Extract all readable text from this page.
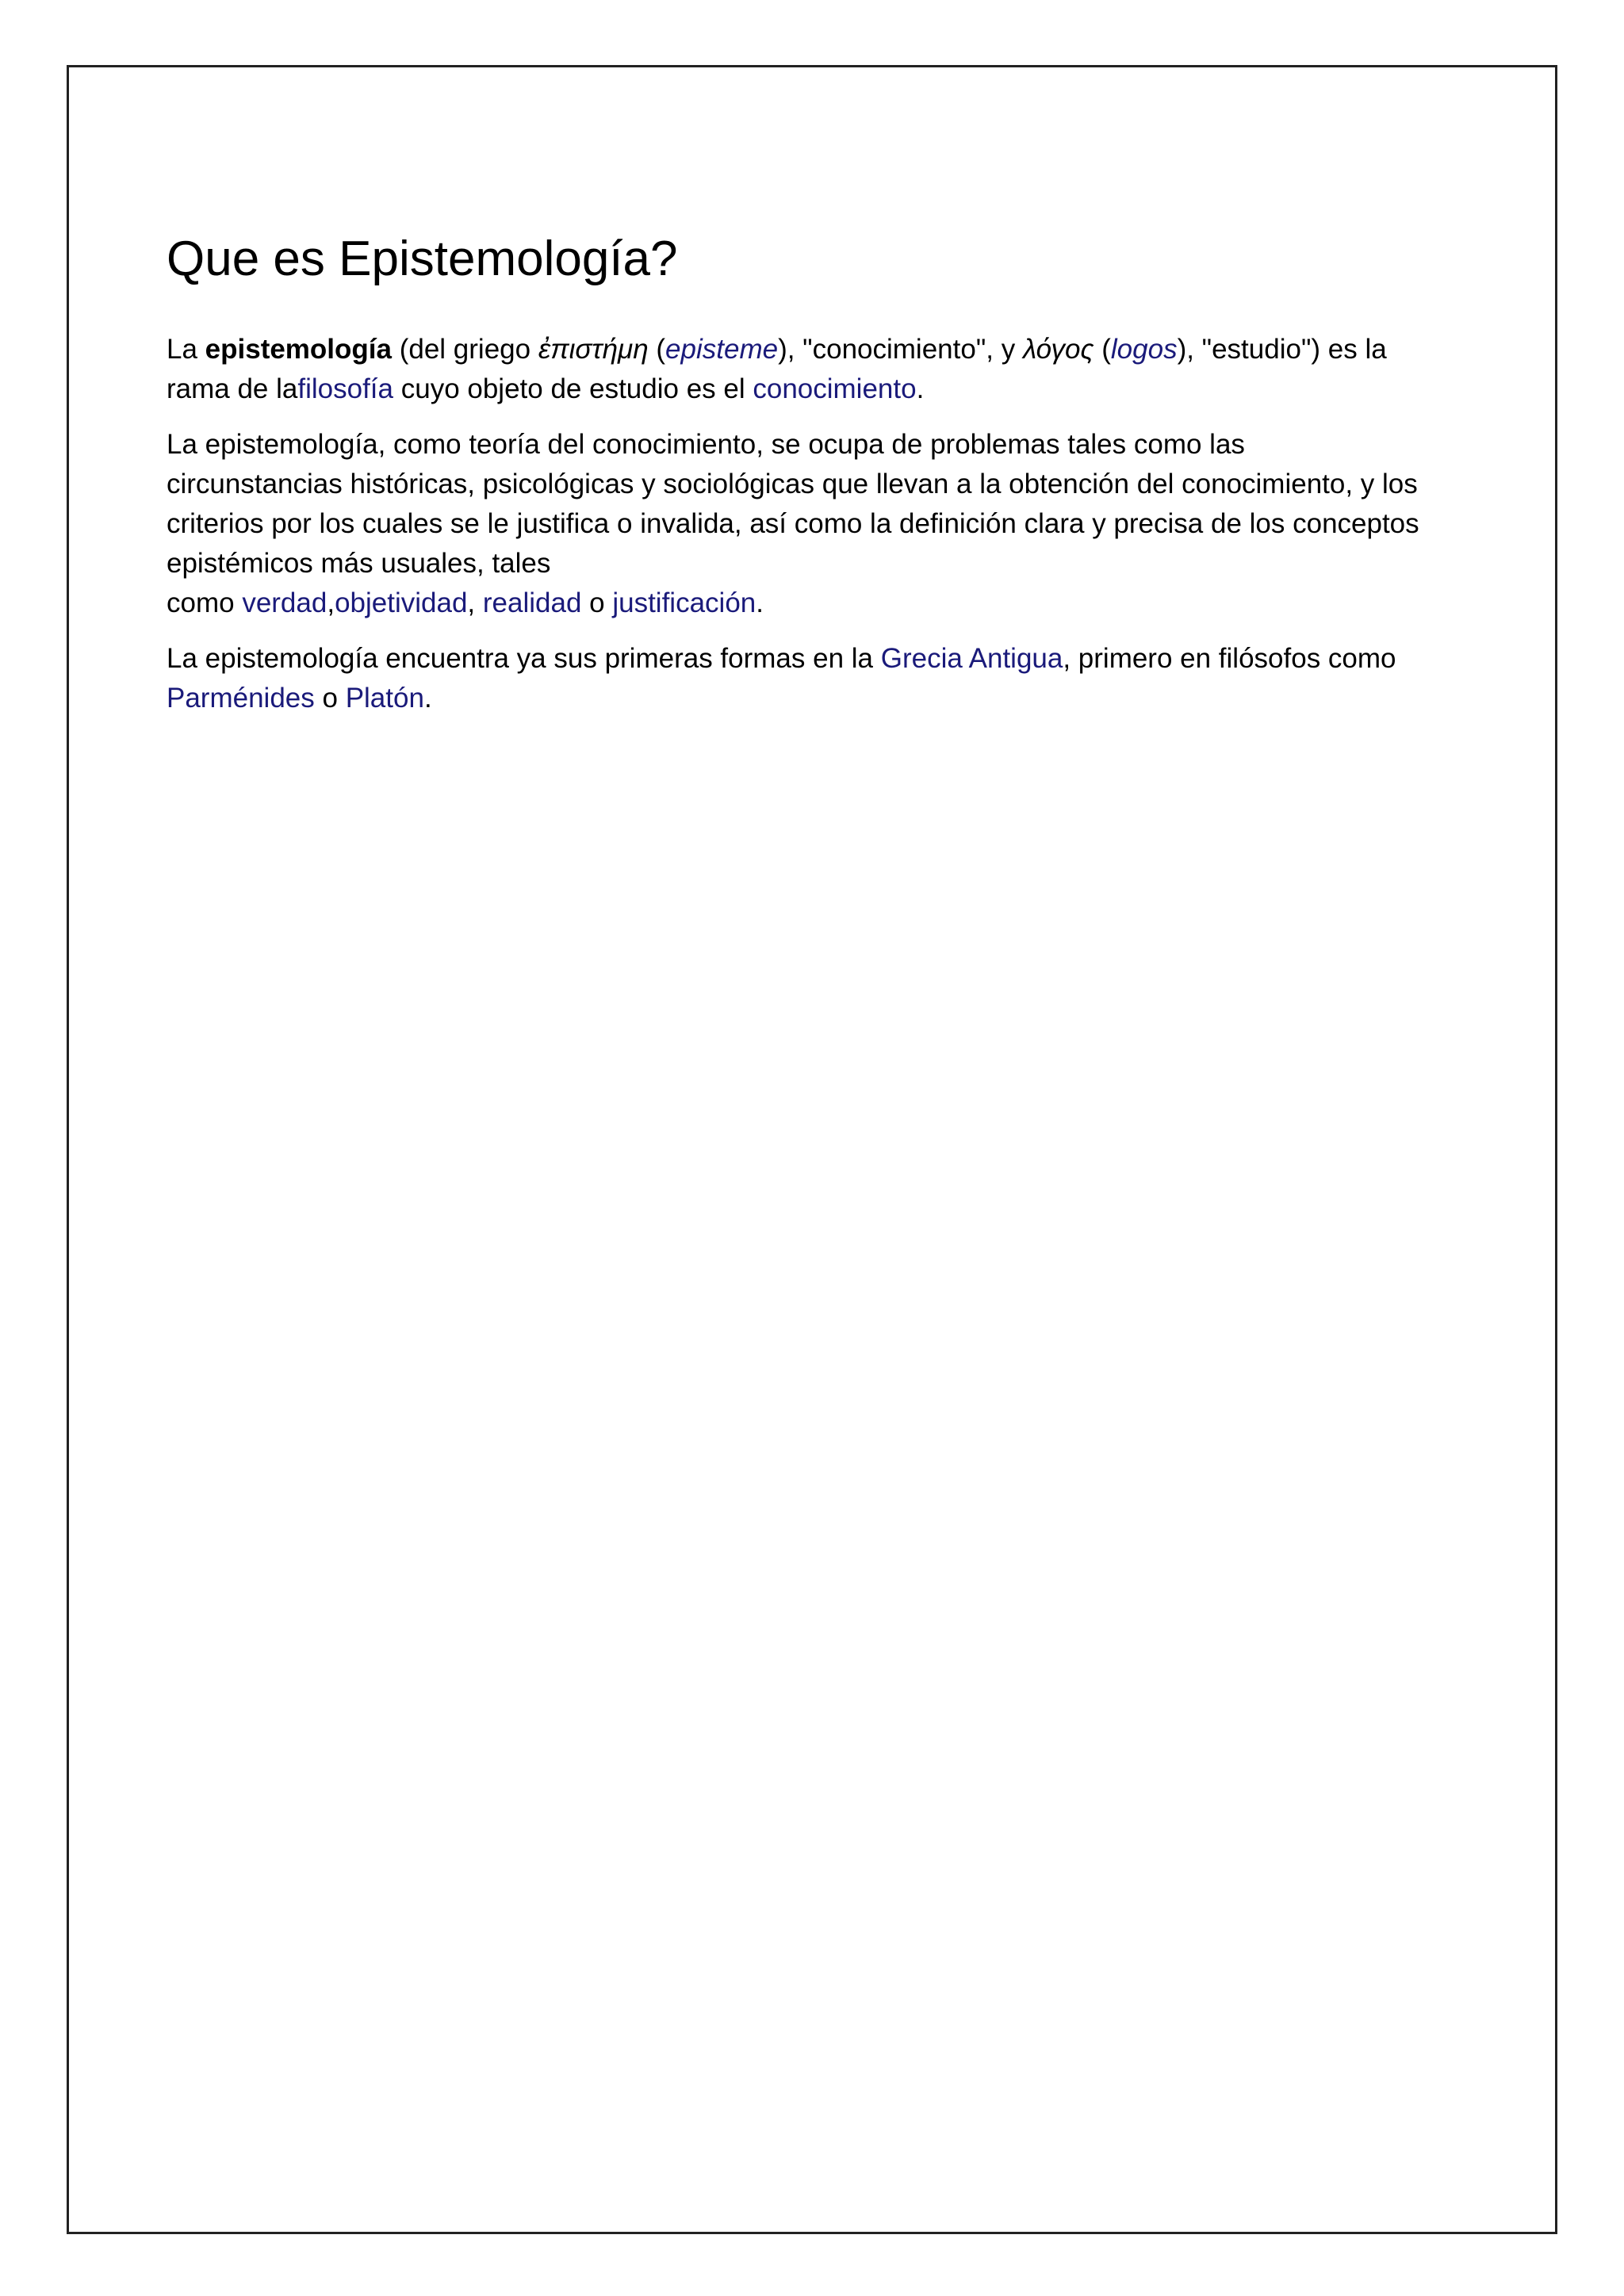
Que es Epistemología?

La epistemología (del griego ἐπιστήμη (episteme), "conocimiento", y λόγος (logos), "estudio") es la rama de lafilosofía cuyo objeto de estudio es el conocimiento.

La epistemología, como teoría del conocimiento, se ocupa de problemas tales como las circunstancias históricas, psicológicas y sociológicas que llevan a la obtención del conocimiento, y los criterios por los cuales se le justifica o invalida, así como la definición clara y precisa de los conceptos epistémicos más usuales, tales
como verdad,objetividad, realidad o justificación.

La epistemología encuentra ya sus primeras formas en la Grecia Antigua, primero en filósofos como Parménides o Platón.
